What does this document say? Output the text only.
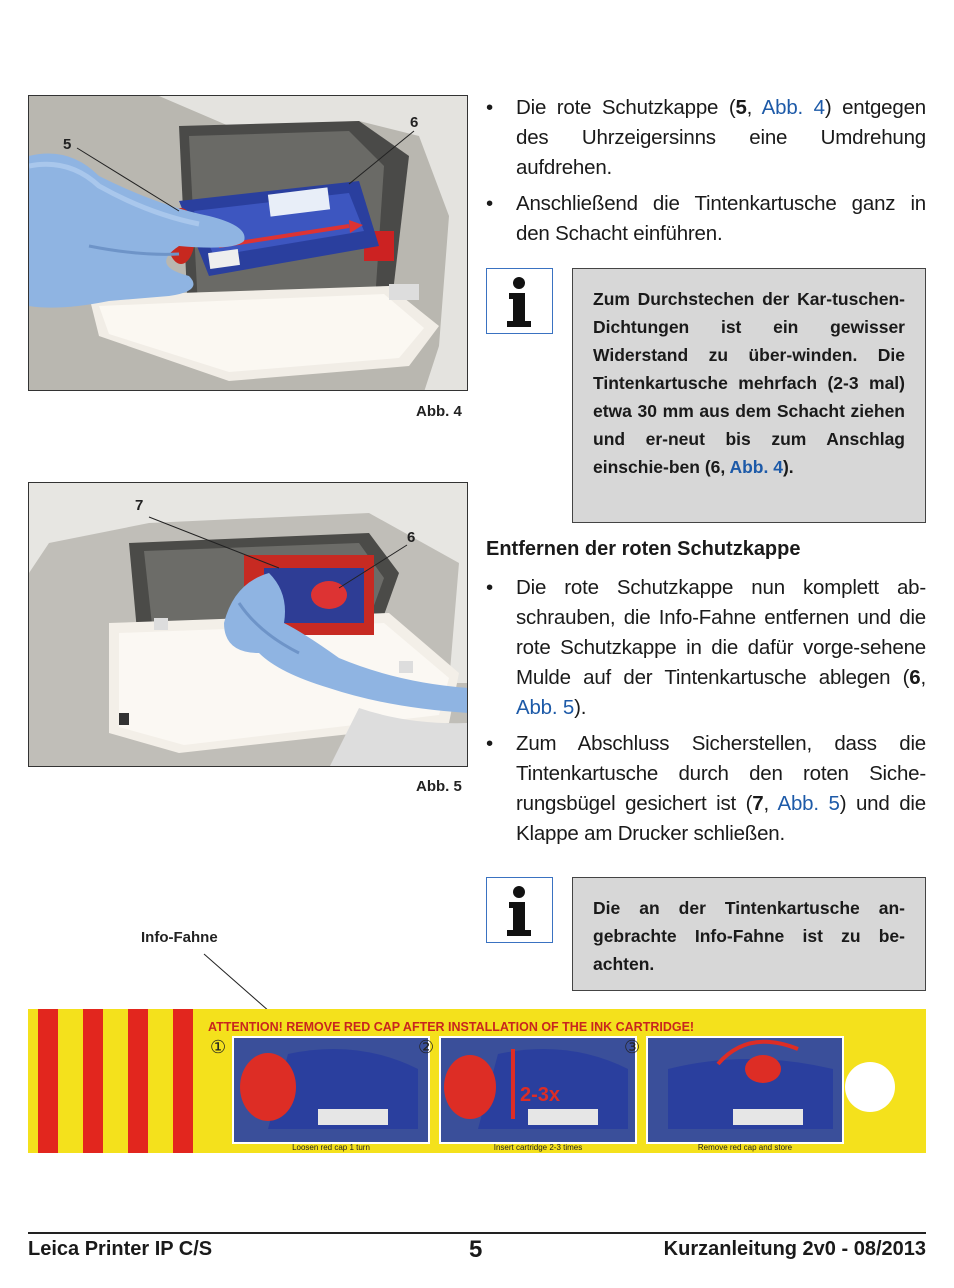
5
6
Abb. 4
7
6
Abb. 5
• Die rote Schutzkappe (5, Abb. 4) entgegen des Uhrzeigersinns eine Umdrehung aufdrehen.
• Anschließend die Tintenkartusche ganz in den Schacht einführen.
Zum Durchstechen der Kar-tuschen-Dichtungen ist ein gewisser Widerstand zu über-winden. Die Tintenkartusche mehrfach (2-3 mal) etwa 30 mm aus dem Schacht ziehen und er-neut bis zum Anschlag einschie-ben (6, Abb. 4).
Entfernen der roten Schutzkappe
• Die rote Schutzkappe nun komplett ab-schrauben, die Info-Fahne entfernen und die rote Schutzkappe in die dafür vorge-sehene Mulde auf der Tintenkartusche ablegen (6, Abb. 5).
• Zum Abschluss Sicherstellen, dass die Tintenkartusche durch den roten Siche-rungsbügel gesichert ist (7, Abb. 5) und die Klappe am Drucker schließen.
Die an der Tintenkartusche an-gebrachte Info-Fahne ist zu be-achten.
Info-Fahne
ATTENTION! REMOVE RED CAP AFTER INSTALLATION OF THE INK CARTRIDGE!
①	②	③
2-3x
Loosen red cap 1 turn	Insert cartridge 2-3 times	Remove red cap and store
Leica Printer IP C/S	5	Kurzanleitung 2v0 - 08/2013
